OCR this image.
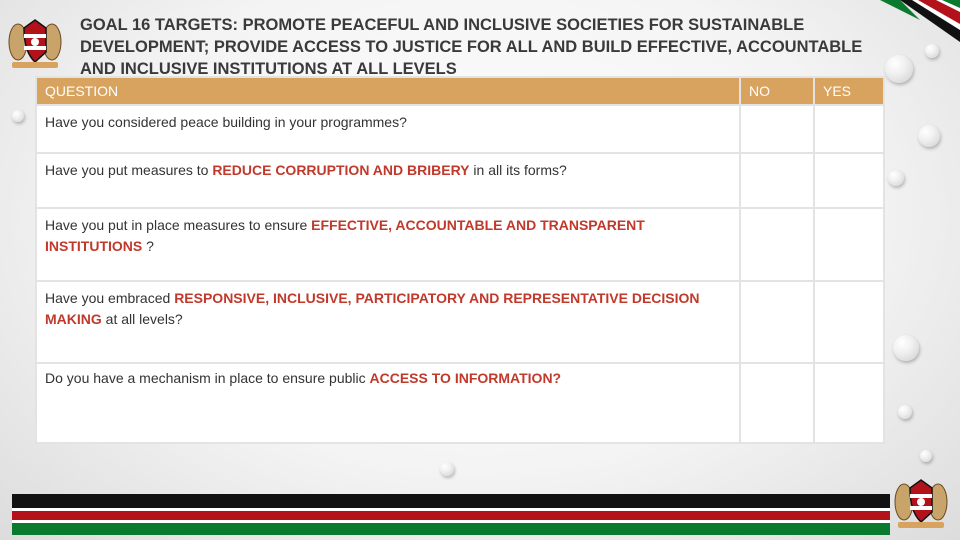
GOAL 16 TARGETS: PROMOTE PEACEFUL AND INCLUSIVE SOCIETIES FOR SUSTAINABLE DEVELOPMENT; PROVIDE ACCESS TO JUSTICE FOR ALL AND BUILD EFFECTIVE, ACCOUNTABLE AND INCLUSIVE INSTITUTIONS AT ALL LEVELS
QUESTION	NO	YES
Have you considered peace building in your programmes?		
Have you put measures to REDUCE CORRUPTION AND BRIBERY in all its forms?		
Have you put in place measures to ensure EFFECTIVE, ACCOUNTABLE AND TRANSPARENT INSTITUTIONS ?		
Have you embraced RESPONSIVE, INCLUSIVE, PARTICIPATORY AND REPRESENTATIVE DECISION MAKING at all levels?		
Do you have a mechanism in place to ensure public ACCESS TO INFORMATION?		
